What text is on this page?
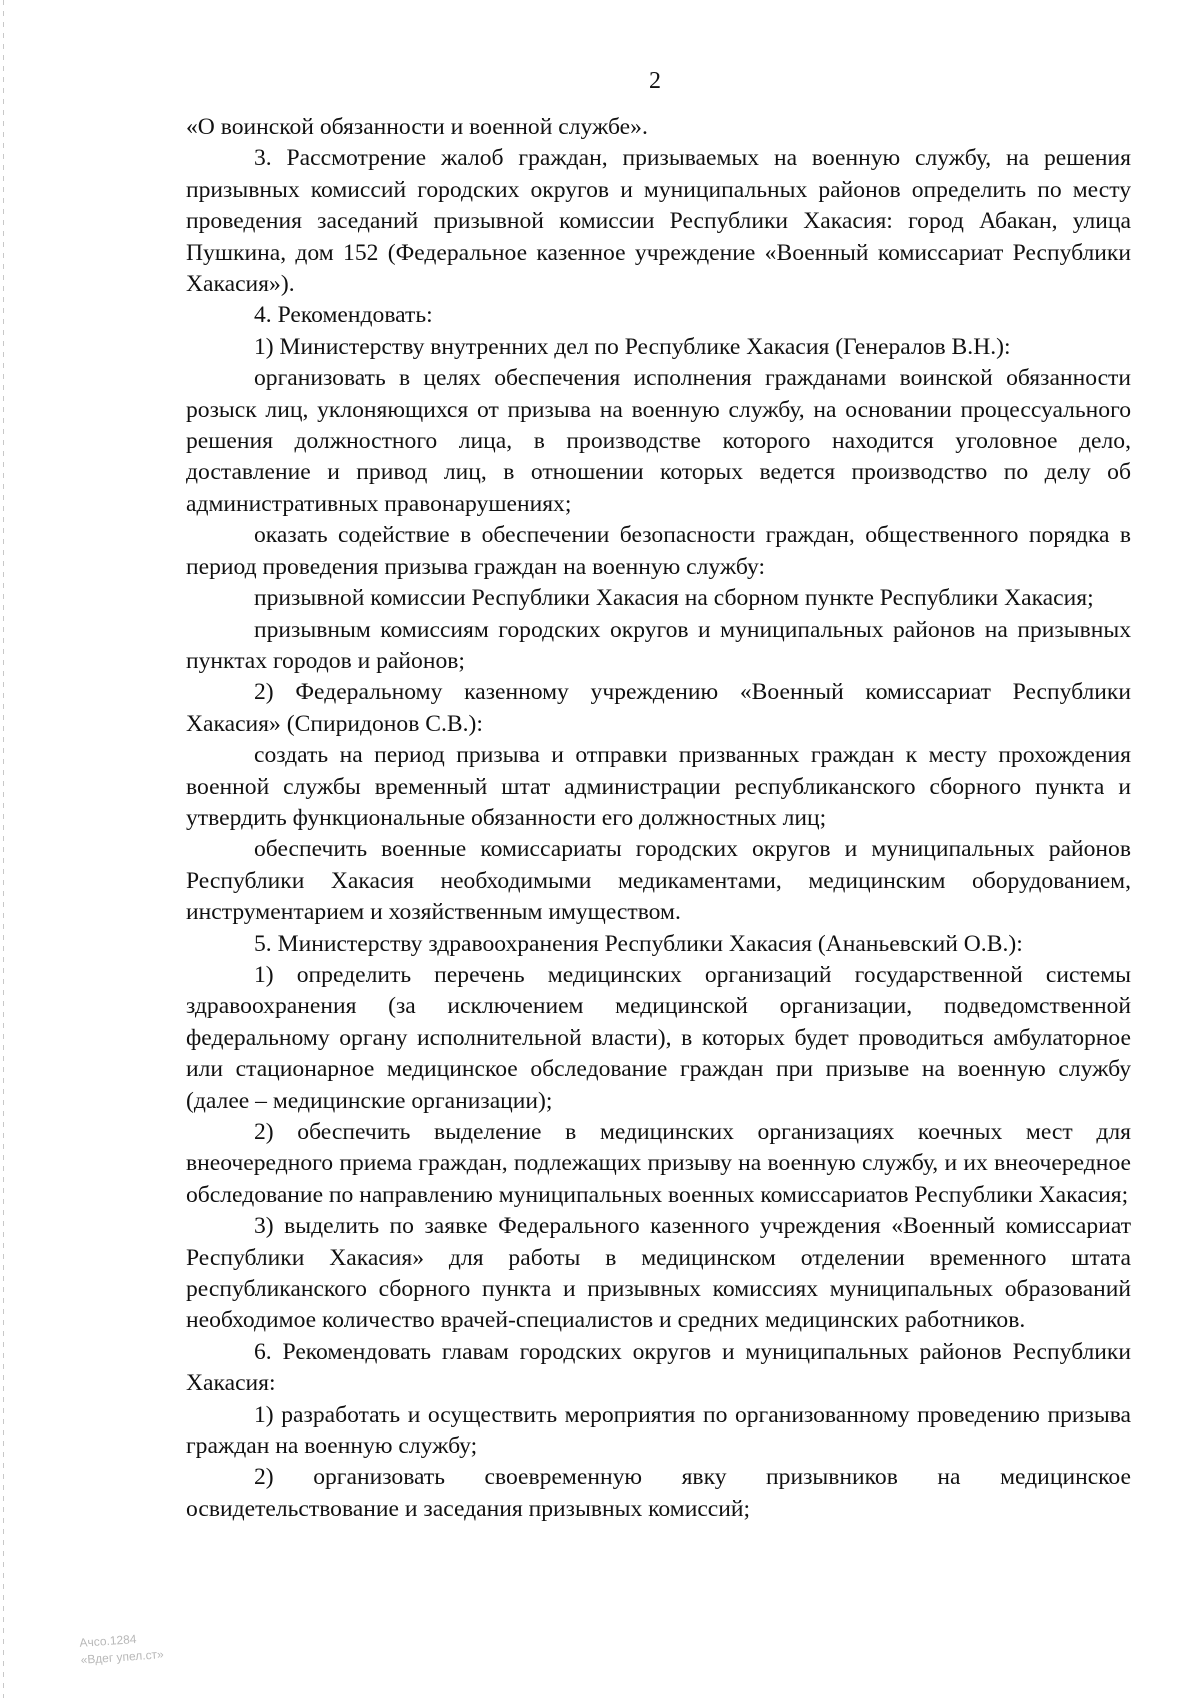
2

«О воинской обязанности и военной службе».

3. Рассмотрение жалоб граждан, призываемых на военную службу, на решения призывных комиссий городских округов и муниципальных районов определить по месту проведения заседаний призывной комиссии Республики Хакасия: город Абакан, улица Пушкина, дом 152 (Федеральное казенное учреждение «Военный комиссариат Республики Хакасия»).

4. Рекомендовать:

1) Министерству внутренних дел по Республике Хакасия (Генералов В.Н.):

организовать в целях обеспечения исполнения гражданами воинской обязанности розыск лиц, уклоняющихся от призыва на военную службу, на основании процессуального решения должностного лица, в производстве которого находится уголовное дело, доставление и привод лиц, в отношении которых ведется производство по делу об административных правонарушениях;

оказать содействие в обеспечении безопасности граждан, общественного порядка в период проведения призыва граждан на военную службу:

призывной комиссии Республики Хакасия на сборном пункте Республики Хакасия;

призывным комиссиям городских округов и муниципальных районов на призывных пунктах городов и районов;

2) Федеральному казенному учреждению «Военный комиссариат Республики Хакасия» (Спиридонов С.В.):

создать на период призыва и отправки призванных граждан к месту прохождения военной службы временный штат администрации республиканского сборного пункта и утвердить функциональные обязанности его должностных лиц;

обеспечить военные комиссариаты городских округов и муниципальных районов Республики Хакасия необходимыми медикаментами, медицинским оборудованием, инструментарием и хозяйственным имуществом.

5. Министерству здравоохранения Республики Хакасия (Ананьевский О.В.):

1) определить перечень медицинских организаций государственной системы здравоохранения (за исключением медицинской организации, подведомственной федеральному органу исполнительной власти), в которых будет проводиться амбулаторное или стационарное медицинское обследование граждан при призыве на военную службу (далее – медицинские организации);

2) обеспечить выделение в медицинских организациях коечных мест для внеочередного приема граждан, подлежащих призыву на военную службу, и их внеочередное обследование по направлению муниципальных военных комиссариатов Республики Хакасия;

3) выделить по заявке Федерального казенного учреждения «Военный комиссариат Республики Хакасия» для работы в медицинском отделении временного штата республиканского сборного пункта и призывных комиссиях муниципальных образований необходимое количество врачей-специалистов и средних медицинских работников.

6. Рекомендовать главам городских округов и муниципальных районов Республики Хакасия:

1) разработать и осуществить мероприятия по организованному проведению призыва граждан на военную службу;

2) организовать своевременную явку призывников на медицинское освидетельствование и заседания призывных комиссий;

Ачсо.1284
«Вдег упел.ст»
